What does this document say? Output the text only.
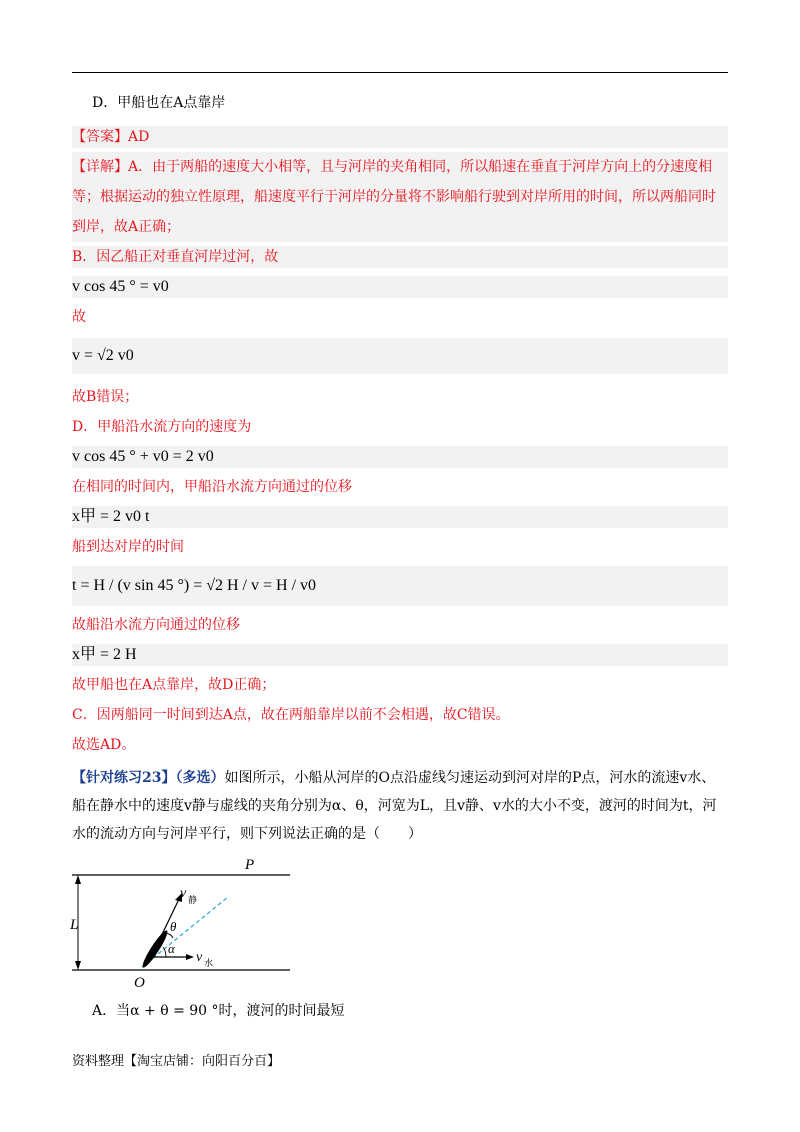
D．甲船也在A点靠岸
【答案】AD
【详解】A．由于两船的速度大小相等，且与河岸的夹角相同，所以船速在垂直于河岸方向上的分速度相等；根据运动的独立性原理，船速度平行于河岸的分量将不影响船行驶到对岸所用的时间，所以两船同时到岸，故A正确；
B．因乙船正对垂直河岸过河，故
v cos 45 ° = v0
故
v = √2 v0
故B错误；
D．甲船沿水流方向的速度为
v cos 45 ° + v0 = 2 v0
在相同的时间内，甲船沿水流方向通过的位移
x甲 = 2 v0 t
船到达对岸的时间
t = H / (v sin 45 °) = √2 H / v = H / v0
故船沿水流方向通过的位移
x甲 = 2 H
故甲船也在A点靠岸，故D正确；
C．因两船同一时间到达A点，故在两船靠岸以前不会相遇，故C错误。
故选AD。
【针对练习23】（多选）如图所示，小船从河岸的O点沿虚线匀速运动到河对岸的P点，河水的流速v水、船在静水中的速度v静与虚线的夹角分别为α、θ，河宽为L，且v静、v水的大小不变，渡河的时间为t，河水的流动方向与河岸平行，则下列说法正确的是（　　）
L
P
O
v 静
v 水
θ
α
A．当α + θ = 90 °时，渡河的时间最短
资料整理【淘宝店铺：向阳百分百】
